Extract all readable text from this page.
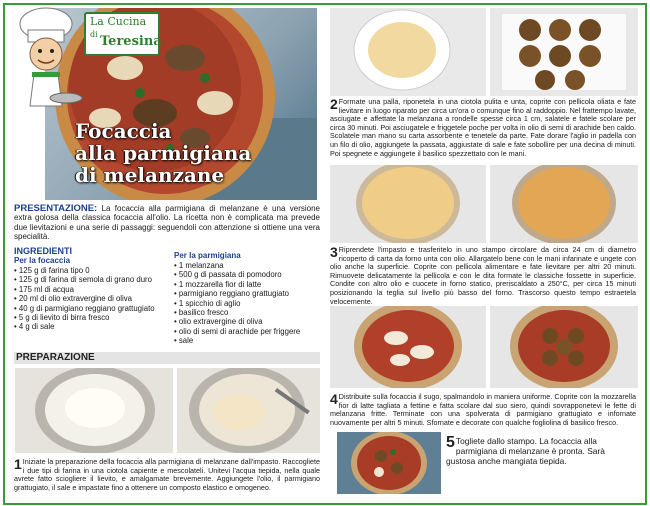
La Cucina
di Teresina
Focaccia
alla parmigiana
di melanzane
PRESENTAZIONE: La focaccia alla parmigiana di melanzane è una versione extra golosa della classica focaccia all'olio. La ricetta non è complicata ma prevede due lievitazioni e una serie di passaggi: seguendoli con attenzione si ottiene una vera specialità.
INGREDIENTI
Per la focaccia
• 125 g di farina tipo 0
• 125 g di farina di semola di grano duro
• 175 ml di acqua
• 20 ml di olio extravergine di oliva
• 40 g di parmigiano reggiano grattugiato
• 5 g di lievito di birra fresco
• 4 g di sale
Per la parmigiana
• 1 melanzana
• 500 g di passata di pomodoro
• 1 mozzarella fior di latte
• parmigiano reggiano grattugiato
• 1 spicchio di aglio
• basilico fresco
• olio extravergine di oliva
• olio di semi di arachide per friggere
• sale
PREPARAZIONE
1 Iniziate la preparazione della focaccia alla parmigiana di melanzane dall'impasto. Raccogliete i due tipi di farina in una ciotola capiente e mescolateli. Unitevi l'acqua tiepida, nella quale avrete fatto sciogliere il lievito, e amalgamate brevemente. Aggiungete l'olio, il parmigiano grattugiato, il sale e impastate fino a ottenere un composto elastico e omogeneo.
2 Formate una palla, riponetela in una ciotola pulita e unta, coprite con pellicola oliata e fate lievitare in luogo riparato per circa un'ora o comunque fino al raddoppio. Nel frattempo lavate, asciugate e affettate la melanzana a rondelle spesse circa 1 cm, salatele e fatele scolare per circa 30 minuti. Poi asciugatele e friggetele poche per volta in olio di semi di arachide ben caldo. Scolatele man mano su carta assorbente e tenetele da parte. Fate dorare l'aglio in padella con un filo di olio, aggiungete la passata, aggiustate di sale e fate sobollire per una decina di minuti. Poi spegnete e aggiungete il basilico spezzettato con le mani.
3 Riprendete l'impasto e trasferitelo in uno stampo circolare da circa 24 cm di diametro ricoperto di carta da forno unta con olio. Allargatelo bene con le mani infarinate e ungete con olio anche la superficie. Coprite con pellicola alimentare e fate lievitare per altri 20 minuti. Rimuovete delicatamente la pellicola e con le dita formate le classiche fossette in superficie. Condite con altro olio e cuocete in forno statico, preriscaldato a 250°C, per circa 15 minuti posizionando la teglia sul livello più basso del forno. Trascorso questo tempo estraetela velocemente.
4 Distribuite sulla focaccia il sugo, spalmandolo in maniera uniforme. Coprite con la mozzarella fior di latte tagliata a fettine e fatta scolare dal suo siero, quindi sovrapponetevi le fette di melanzana fritte. Terminate con una spolverata di parmigiano grattugiato e infornate nuovamente per altri 5 minuti. Sfornate e decorate con qualche fogliolina di basilico fresco.
5 Togliete dallo stampo. La focaccia alla parmigiana di melanzane è pronta. Sarà gustosa anche mangiata tiepida.
